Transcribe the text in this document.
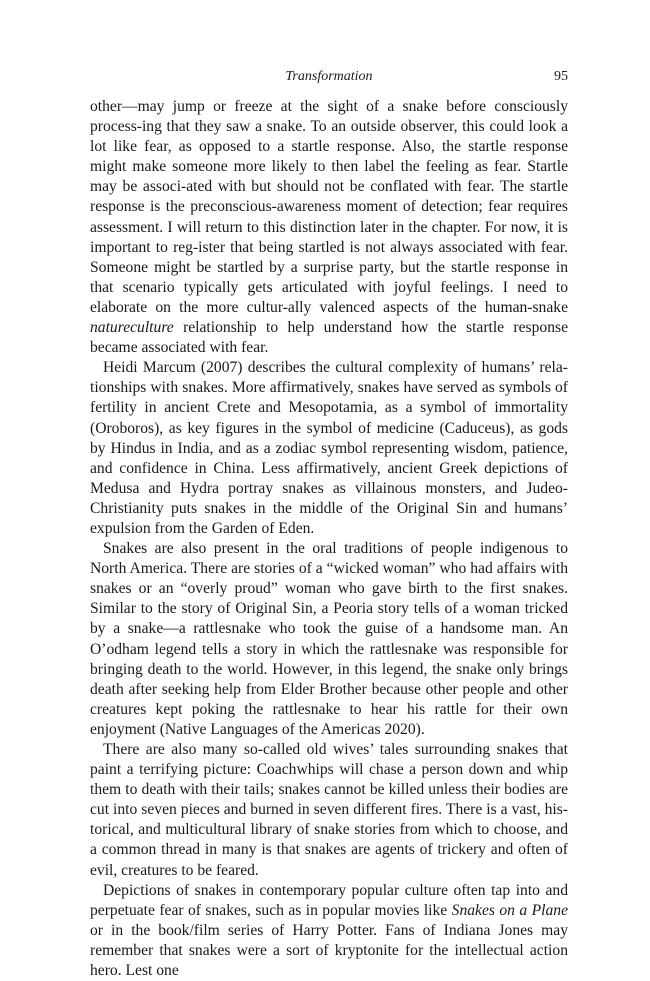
Transformation	95

other—may jump or freeze at the sight of a snake before consciously process-ing that they saw a snake. To an outside observer, this could look a lot like fear, as opposed to a startle response. Also, the startle response might make someone more likely to then label the feeling as fear. Startle may be associ-ated with but should not be conflated with fear. The startle response is the preconscious-awareness moment of detection; fear requires assessment. I will return to this distinction later in the chapter. For now, it is important to reg-ister that being startled is not always associated with fear. Someone might be startled by a surprise party, but the startle response in that scenario typically gets articulated with joyful feelings. I need to elaborate on the more cultur-ally valenced aspects of the human-snake natureculture relationship to help understand how the startle response became associated with fear.

Heidi Marcum (2007) describes the cultural complexity of humans’ rela-tionships with snakes. More affirmatively, snakes have served as symbols of fertility in ancient Crete and Mesopotamia, as a symbol of immortality (Oroboros), as key figures in the symbol of medicine (Caduceus), as gods by Hindus in India, and as a zodiac symbol representing wisdom, patience, and confidence in China. Less affirmatively, ancient Greek depictions of Medusa and Hydra portray snakes as villainous monsters, and Judeo-Christianity puts snakes in the middle of the Original Sin and humans’ expulsion from the Garden of Eden.

Snakes are also present in the oral traditions of people indigenous to North America. There are stories of a “wicked woman” who had affairs with snakes or an “overly proud” woman who gave birth to the first snakes. Similar to the story of Original Sin, a Peoria story tells of a woman tricked by a snake—a rattlesnake who took the guise of a handsome man. An O’odham legend tells a story in which the rattlesnake was responsible for bringing death to the world. However, in this legend, the snake only brings death after seeking help from Elder Brother because other people and other creatures kept poking the rattlesnake to hear his rattle for their own enjoyment (Native Languages of the Americas 2020).

There are also many so-called old wives’ tales surrounding snakes that paint a terrifying picture: Coachwhips will chase a person down and whip them to death with their tails; snakes cannot be killed unless their bodies are cut into seven pieces and burned in seven different fires. There is a vast, his-torical, and multicultural library of snake stories from which to choose, and a common thread in many is that snakes are agents of trickery and often of evil, creatures to be feared.

Depictions of snakes in contemporary popular culture often tap into and perpetuate fear of snakes, such as in popular movies like Snakes on a Plane or in the book/film series of Harry Potter. Fans of Indiana Jones may remember that snakes were a sort of kryptonite for the intellectual action hero. Lest one
